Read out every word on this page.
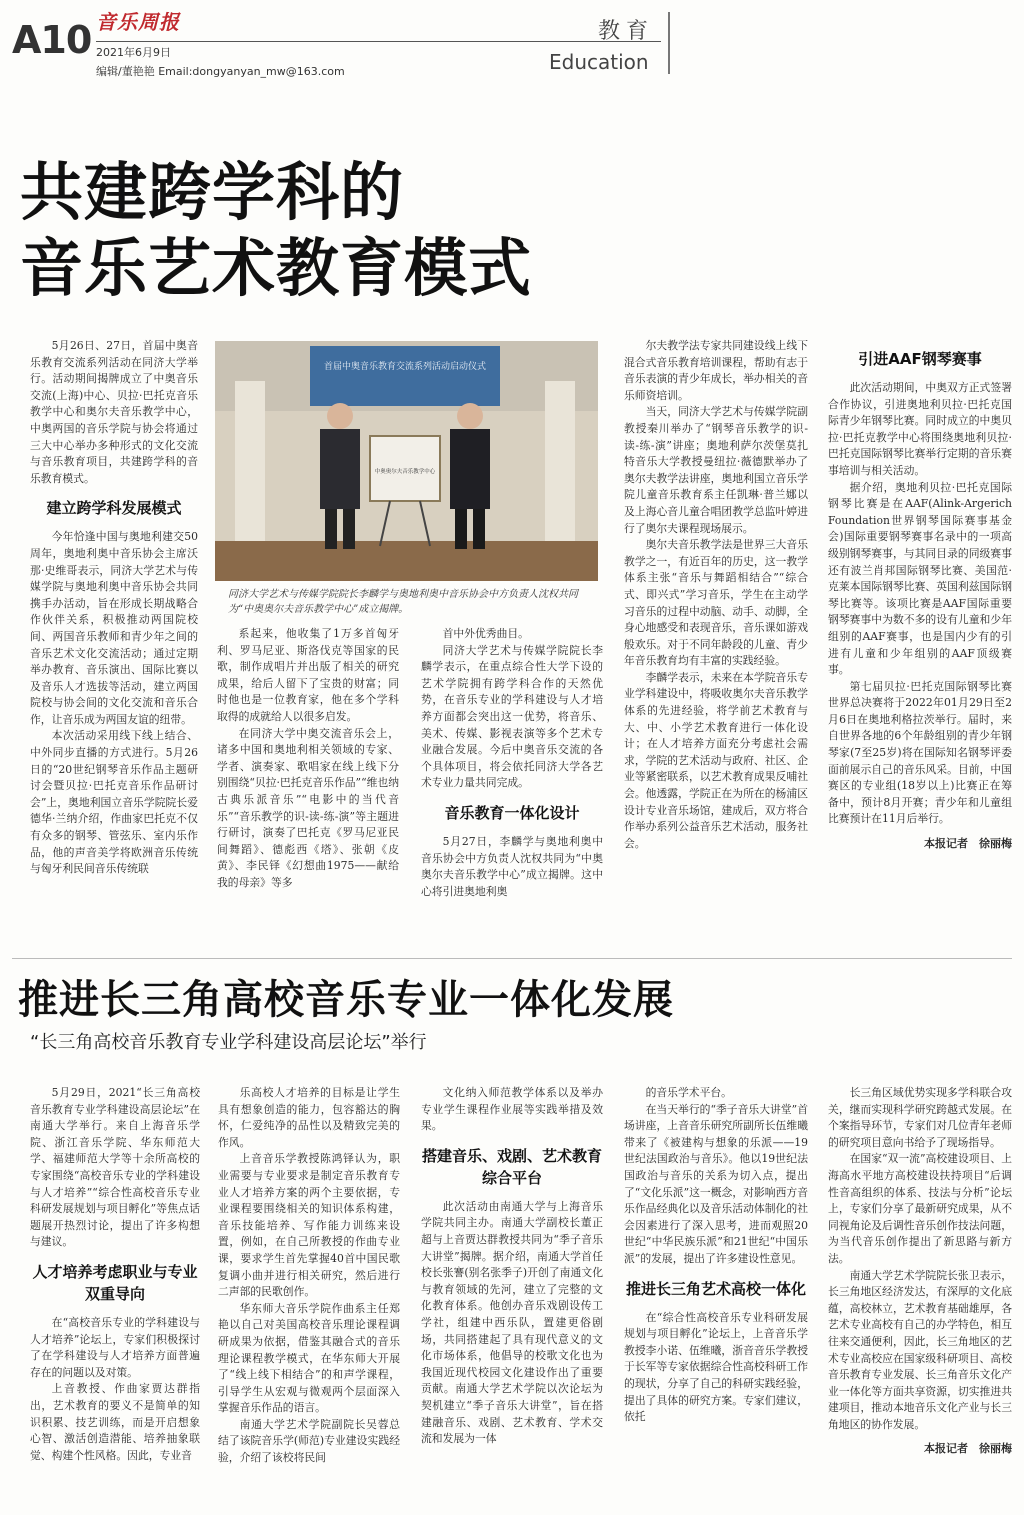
A10 音乐周报
2021年6月9日
编辑/董艳艳 Email:dongyanyan_mw@163.com
教育
Education
共建跨学科的
音乐艺术教育模式

5月26日、27日，首届中奥音乐教育交流系列活动在同济大学举行。活动期间揭牌成立了中奥音乐交流(上海)中心、贝拉·巴托克音乐教学中心和奥尔夫音乐教学中心，中奥两国的音乐学院与协会将通过三大中心举办多种形式的文化交流与音乐教育项目，共建跨学科的音乐教育模式。

建立跨学科发展模式

今年恰逢中国与奥地利建交50周年，奥地利奥中音乐协会主席沃那·史维哥表示，同济大学艺术与传媒学院与奥地利奥中音乐协会共同携手办活动，旨在形成长期战略合作伙伴关系，积极推动两国院校间、两国音乐教师和青少年之间的音乐艺术文化交流活动；通过定期举办教育、音乐演出、国际比赛以及音乐人才选拔等活动，建立两国院校与协会间的文化交流和音乐合作，让音乐成为两国友谊的纽带。

本次活动采用线下线上结合、中外同步直播的方式进行。5月26日的“20世纪钢琴音乐作品主题研讨会暨贝拉·巴托克音乐作品研讨会”上，奥地利国立音乐学院院长爱德华·兰纳介绍，作曲家巴托克不仅有众多的钢琴、管弦乐、室内乐作品，他的声音美学将欧洲音乐传统与匈牙利民间音乐传统联

首届中奥音乐教育交流系列活动启动仪式
中奥奥尔夫音乐教学中心
同济大学艺术与传媒学院院长李麟学与奥地利奥中音乐协会中方负责人沈权共同为“中奥奥尔夫音乐教学中心”成立揭牌。

系起来，他收集了1万多首匈牙利、罗马尼亚、斯洛伐克等国家的民歌，制作成唱片并出版了相关的研究成果，给后人留下了宝贵的财富；同时他也是一位教育家，他在多个学科取得的成就给人以很多启发。

在同济大学中奥交流音乐会上，诸多中国和奥地利相关领域的专家、学者、演奏家、歌唱家在线上线下分别围绕“贝拉·巴托克音乐作品”“维也纳古典乐派音乐”“电影中的当代音乐”“音乐教学的识-读-练-演”等主题进行研讨，演奏了巴托克《罗马尼亚民间舞蹈》、德彪西《塔》、张朝《皮黄》、李民铎《幻想曲1975——献给我的母亲》等多

首中外优秀曲目。

同济大学艺术与传媒学院院长李麟学表示，在重点综合性大学下设的艺术学院拥有跨学科合作的天然优势，在音乐专业的学科建设与人才培养方面都会突出这一优势，将音乐、美术、传媒、影视表演等多个艺术专业融合发展。今后中奥音乐交流的各个具体项目，将会依托同济大学各艺术专业力量共同完成。

音乐教育一体化设计

5月27日，李麟学与奥地利奥中音乐协会中方负责人沈权共同为“中奥奥尔夫音乐教学中心”成立揭牌。这中心将引进奥地利奥

尔夫教学法专家共同建设线上线下混合式音乐教育培训课程，帮助有志于音乐表演的青少年成长，举办相关的音乐师资培训。

当天，同济大学艺术与传媒学院副教授秦川举办了“钢琴音乐教学的识-读-练-演”讲座；奥地利萨尔茨堡莫扎特音乐大学教授曼纽拉·薇德默举办了奥尔夫教学法讲座，奥地利国立音乐学院儿童音乐教育系主任凯琳·普兰娜以及上海心音儿童合唱团教学总监叶婷进行了奥尔夫课程现场展示。

奥尔夫音乐教学法是世界三大音乐教学之一，有近百年的历史，这一教学体系主张“音乐与舞蹈相结合”“综合式、即兴式”学习音乐，学生在主动学习音乐的过程中动脑、动手、动脚，全身心地感受和表现音乐，音乐课如游戏般欢乐。对于不同年龄段的儿童、青少年音乐教育均有丰富的实践经验。

李麟学表示，未来在本学院音乐专业学科建设中，将吸收奥尔夫音乐教学体系的先进经验，将学前艺术教育与大、中、小学艺术教育进行一体化设计；在人才培养方面充分考虑社会需求，学院的艺术活动与政府、社区、企业等紧密联系，以艺术教育成果反哺社会。他透露，学院正在为所在的杨浦区设计专业音乐场馆，建成后，双方将合作举办系列公益音乐艺术活动，服务社会。

引进AAF钢琴赛事

此次活动期间，中奥双方正式签署合作协议，引进奥地利贝拉·巴托克国际青少年钢琴比赛。同时成立的中奥贝拉·巴托克教学中心将围绕奥地利贝拉·巴托克国际钢琴比赛举行定期的音乐赛事培训与相关活动。

据介绍，奥地利贝拉·巴托克国际钢琴比赛是在AAF(Alink-Argerich Foundation世界钢琴国际赛事基金会)国际重要钢琴赛事名录中的一项高级别钢琴赛事，与其同目录的同级赛事还有波兰肖邦国际钢琴比赛、美国范·克莱本国际钢琴比赛、英国利兹国际钢琴比赛等。该项比赛是AAF国际重要钢琴赛事中为数不多的设有儿童和少年组别的AAF赛事，也是国内少有的引进有儿童和少年组别的AAF顶级赛事。

第七届贝拉·巴托克国际钢琴比赛世界总决赛将于2022年01月29日至2月6日在奥地利格拉茨举行。届时，来自世界各地的6个年龄组别的青少年钢琴家(7至25岁)将在国际知名钢琴评委面前展示自己的音乐风采。目前，中国赛区的专业组(18岁以上)比赛正在筹备中，预计8月开赛；青少年和儿童组比赛预计在11月后举行。

本报记者　徐丽梅

推进长三角高校音乐专业一体化发展
“长三角高校音乐教育专业学科建设高层论坛”举行

5月29日，2021“长三角高校音乐教育专业学科建设高层论坛”在南通大学举行。来自上海音乐学院、浙江音乐学院、华东师范大学、福建师范大学等十余所高校的专家围绕“高校音乐专业的学科建设与人才培养”“综合性高校音乐专业科研发展规划与项目孵化”等焦点话题展开热烈讨论，提出了许多构想与建议。

人才培养考虑职业与专业双重导向

在“高校音乐专业的学科建设与人才培养”论坛上，专家们积极探讨了在学科建设与人才培养方面普遍存在的问题以及对策。

上音教授、作曲家贾达群指出，艺术教育的要义不是简单的知识积累、技艺训练，而是开启想象心智、激活创造潜能、培养抽象联觉、构建个性风格。因此，专业音

乐高校人才培养的目标是让学生具有想象创造的能力，包容豁达的胸怀，仁爱纯净的品性以及精致完美的作风。

上音音乐学教授陈鸿铎认为，职业需要与专业要求是制定音乐教育专业人才培养方案的两个主要依据，专业课程要围绕相关的知识体系构建，音乐技能培养、写作能力训练来设置，例如，在自己所教授的作曲专业课，要求学生首先掌握40首中国民歌复调小曲并进行相关研究，然后进行二声部的民歌创作。

华东师大音乐学院作曲系主任郑艳以自己对美国高校音乐理论课程调研成果为依据，借鉴其融合式的音乐理论课程教学模式，在华东师大开展了“线上线下相结合”的和声学课程，引导学生从宏观与微观两个层面深入掌握音乐作品的语言。

南通大学艺术学院副院长吴蓉总结了该院音乐学(师范)专业建设实践经验，介绍了该校将民间

文化纳入师范教学体系以及举办专业学生课程作业展等实践举措及效果。

搭建音乐、戏剧、艺术教育综合平台

此次活动由南通大学与上海音乐学院共同主办。南通大学副校长董正超与上音贾达群教授共同为“季子音乐大讲堂”揭牌。据介绍，南通大学首任校长张謇(别名张季子)开创了南通文化与教育领域的先河，建立了完整的文化教育体系。他创办音乐戏剧设传工学社，组建中西乐队，置建更俗剧场，共同搭建起了具有现代意义的文化市场体系，他倡导的校歌文化也为我国近现代校园文化建设作出了重要贡献。南通大学艺术学院以次论坛为契机建立“季子音乐大讲堂”，旨在搭建融音乐、戏剧、艺术教育、学术交流和发展为一体

的音乐学术平台。

在当天举行的“季子音乐大讲堂”首场讲座，上音音乐研究所副所长伍维曦带来了《被建构与想象的乐派——19世纪法国政治与音乐》。他以19世纪法国政治与音乐的关系为切入点，提出了“文化乐派”这一概念，对影响西方音乐作品经典化以及音乐活动体制化的社会因素进行了深入思考，进而观照20世纪“中华民族乐派”和21世纪“中国乐派”的发展，提出了许多建设性意见。

推进长三角艺术高校一体化

在“综合性高校音乐专业科研发展规划与项目孵化”论坛上，上音音乐学教授李小诺、伍维曦，浙音音乐学教授于长军等专家依据综合性高校科研工作的现状，分享了自己的科研实践经验，提出了具体的研究方案。专家们建议，依托

长三角区域优势实现多学科联合攻关，继而实现科学研究跨越式发展。在个案指导环节，专家们对几位青年老师的研究项目意向书给予了现场指导。

在国家“双一流”高校建设项目、上海高水平地方高校建设扶持项目“后调性音高组织的体系、技法与分析”论坛上，专家们分享了最新研究成果，从不同视角论及后调性音乐创作技法问题，为当代音乐创作提出了新思路与新方法。

南通大学艺术学院院长张卫表示，长三角地区经济发达，有深厚的文化底蕴，高校林立，艺术教育基础雄厚，各艺术专业高校有自己的办学特色，相互往来交通便利，因此，长三角地区的艺术专业高校应在国家级科研项目、高校音乐教育专业发展、长三角音乐文化产业一体化等方面共享资源，切实推进共建项目，推动本地音乐文化产业与长三角地区的协作发展。

本报记者　徐丽梅
